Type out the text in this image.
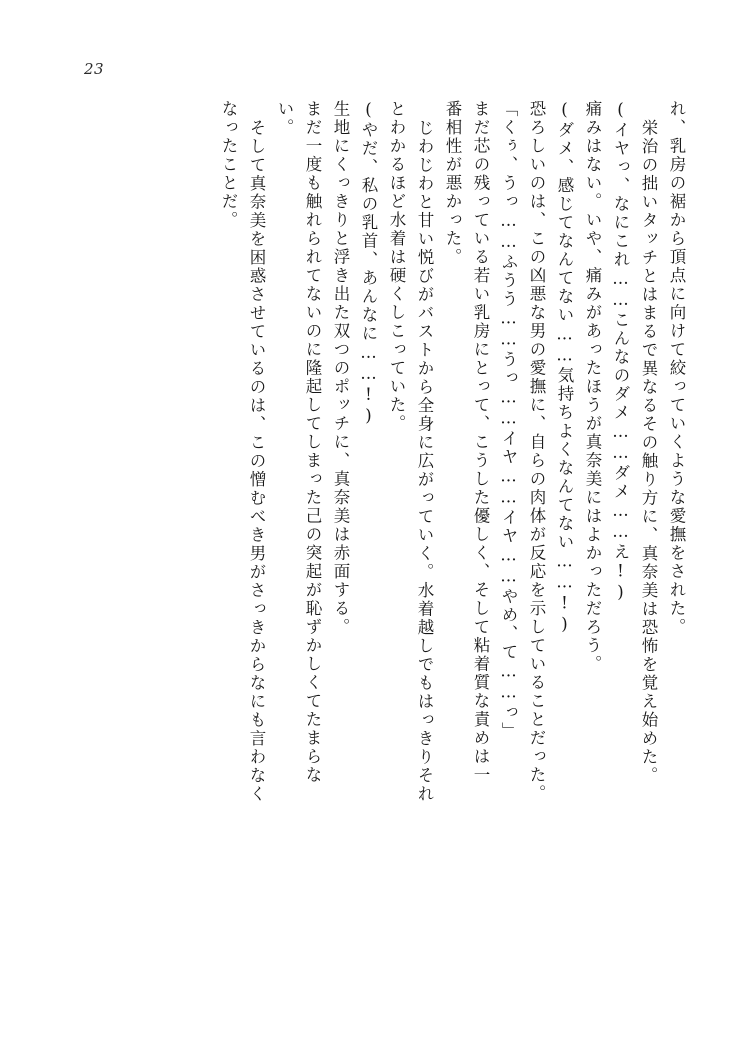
23
れ、乳房の裾から頂点に向けて絞っていくような愛撫をされた。
栄治の拙いタッチとはまるで異なるその触り方に、真奈美は恐怖を覚え始めた。
(イヤっ、なにこれ……こんなのダメ……ダメ……え!)
痛みはない。いや、痛みがあったほうが真奈美にはよかっただろう。
(ダメ、感じてなんてない……気持ちよくなんてない……!)
恐ろしいのは、この凶悪な男の愛撫に、自らの肉体が反応を示していることだった。
「くぅ、うっ……ふうう……うっ……イヤ……イヤ……やめ、て……っ」
まだ芯の残っている若い乳房にとって、こうした優しく、そして粘着質な責めは一
番相性が悪かった。
じわじわと甘い悦びがバストから全身に広がっていく。水着越しでもはっきりそれ
とわかるほど水着は硬くしこっていた。
(やだ、私の乳首、あんなに……!)
生地にくっきりと浮き出た双つのポッチに、真奈美は赤面する。
まだ一度も触れられてないのに隆起してしまった己の突起が恥ずかしくてたまらな
い。
そして真奈美を困惑させているのは、この憎むべき男がさっきからなにも言わなく
なったことだ。
